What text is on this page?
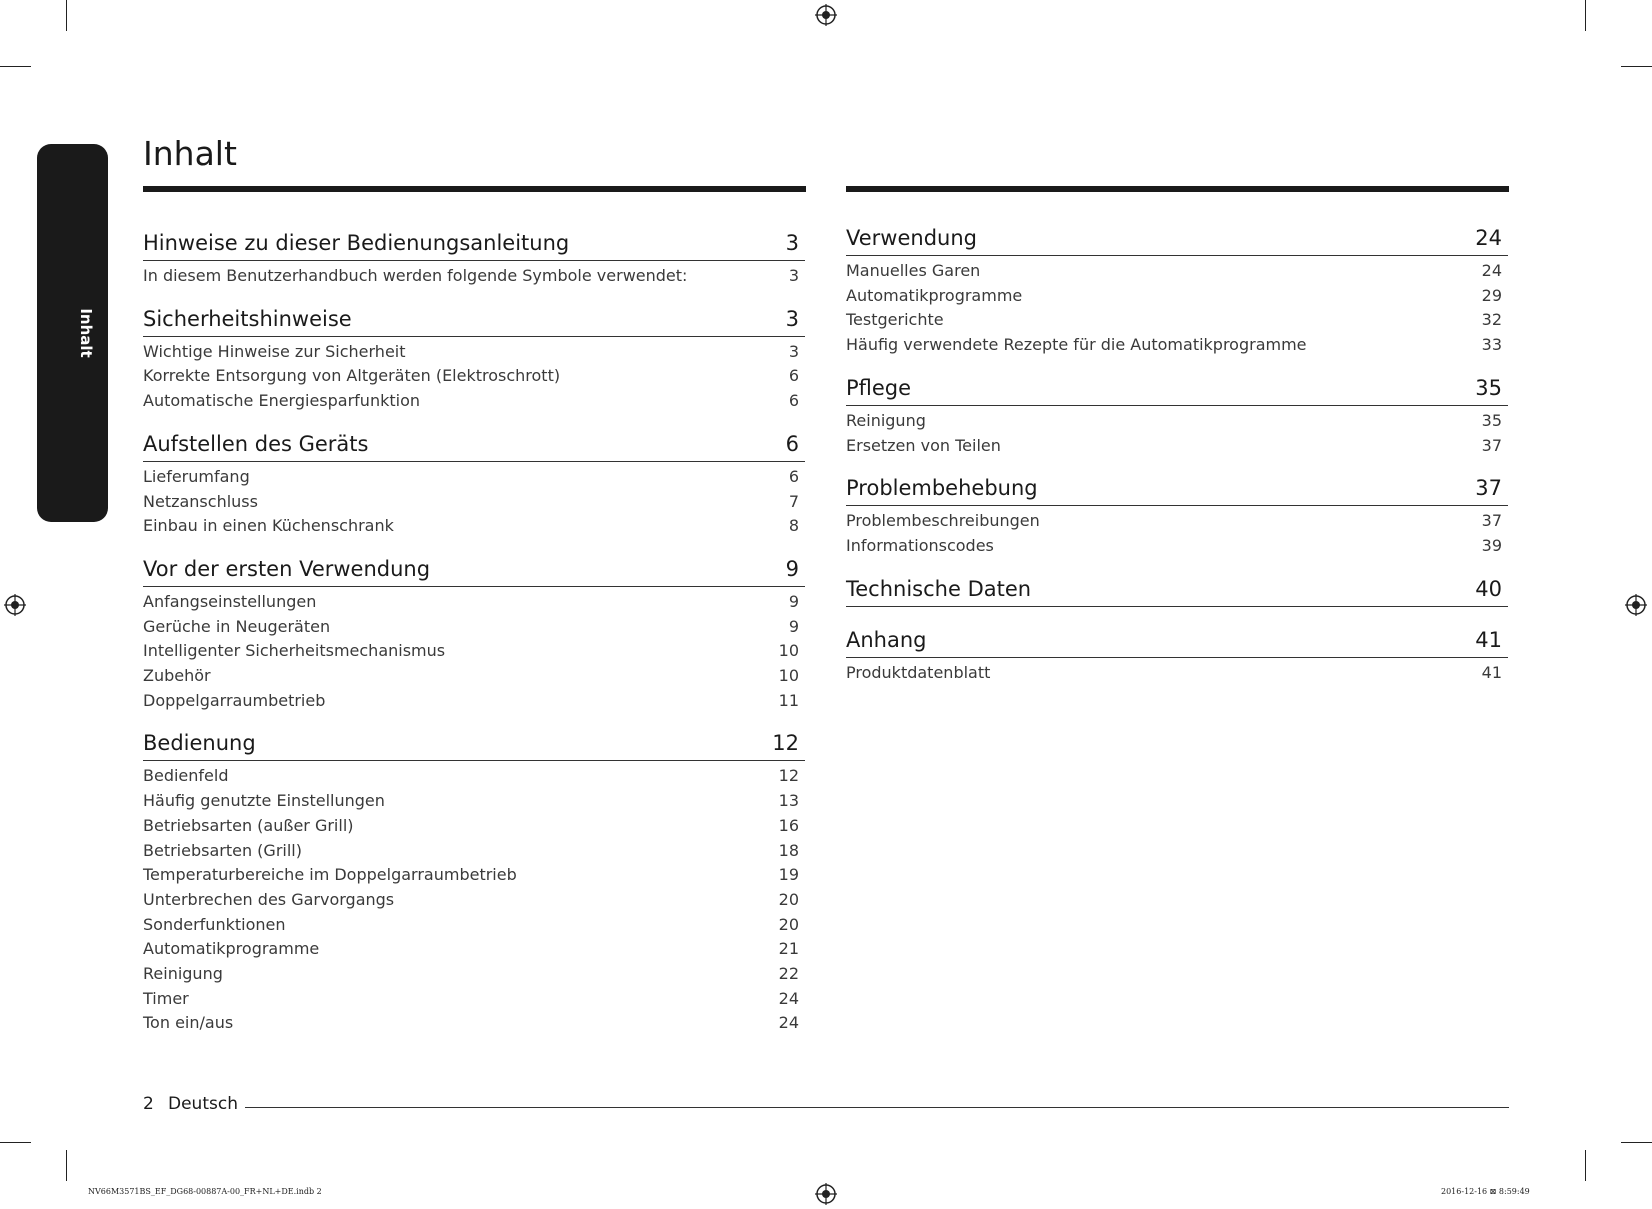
Inhalt
Inhalt
Hinweise zu dieser Bedienungsanleitung	3
In diesem Benutzerhandbuch werden folgende Symbole verwendet:	3
Sicherheitshinweise	3
Wichtige Hinweise zur Sicherheit	3
Korrekte Entsorgung von Altgeräten (Elektroschrott)	6
Automatische Energiesparfunktion	6
Aufstellen des Geräts	6
Lieferumfang	6
Netzanschluss	7
Einbau in einen Küchenschrank	8
Vor der ersten Verwendung	9
Anfangseinstellungen	9
Gerüche in Neugeräten	9
Intelligenter Sicherheitsmechanismus	10
Zubehör	10
Doppelgarraumbetrieb	11
Bedienung	12
Bedienfeld	12
Häufig genutzte Einstellungen	13
Betriebsarten (außer Grill)	16
Betriebsarten (Grill)	18
Temperaturbereiche im Doppelgarraumbetrieb	19
Unterbrechen des Garvorgangs	20
Sonderfunktionen	20
Automatikprogramme	21
Reinigung	22
Timer	24
Ton ein/aus	24
Verwendung	24
Manuelles Garen	24
Automatikprogramme	29
Testgerichte	32
Häufig verwendete Rezepte für die Automatikprogramme	33
Pflege	35
Reinigung	35
Ersetzen von Teilen	37
Problembehebung	37
Problembeschreibungen	37
Informationscodes	39
Technische Daten	40
Anhang	41
Produktdatenblatt	41
2 Deutsch
NV66M3571BS_EF_DG68-00887A-00_FR+NL+DE.indb 2	2016-12-16 ⊠ 8:59:49
